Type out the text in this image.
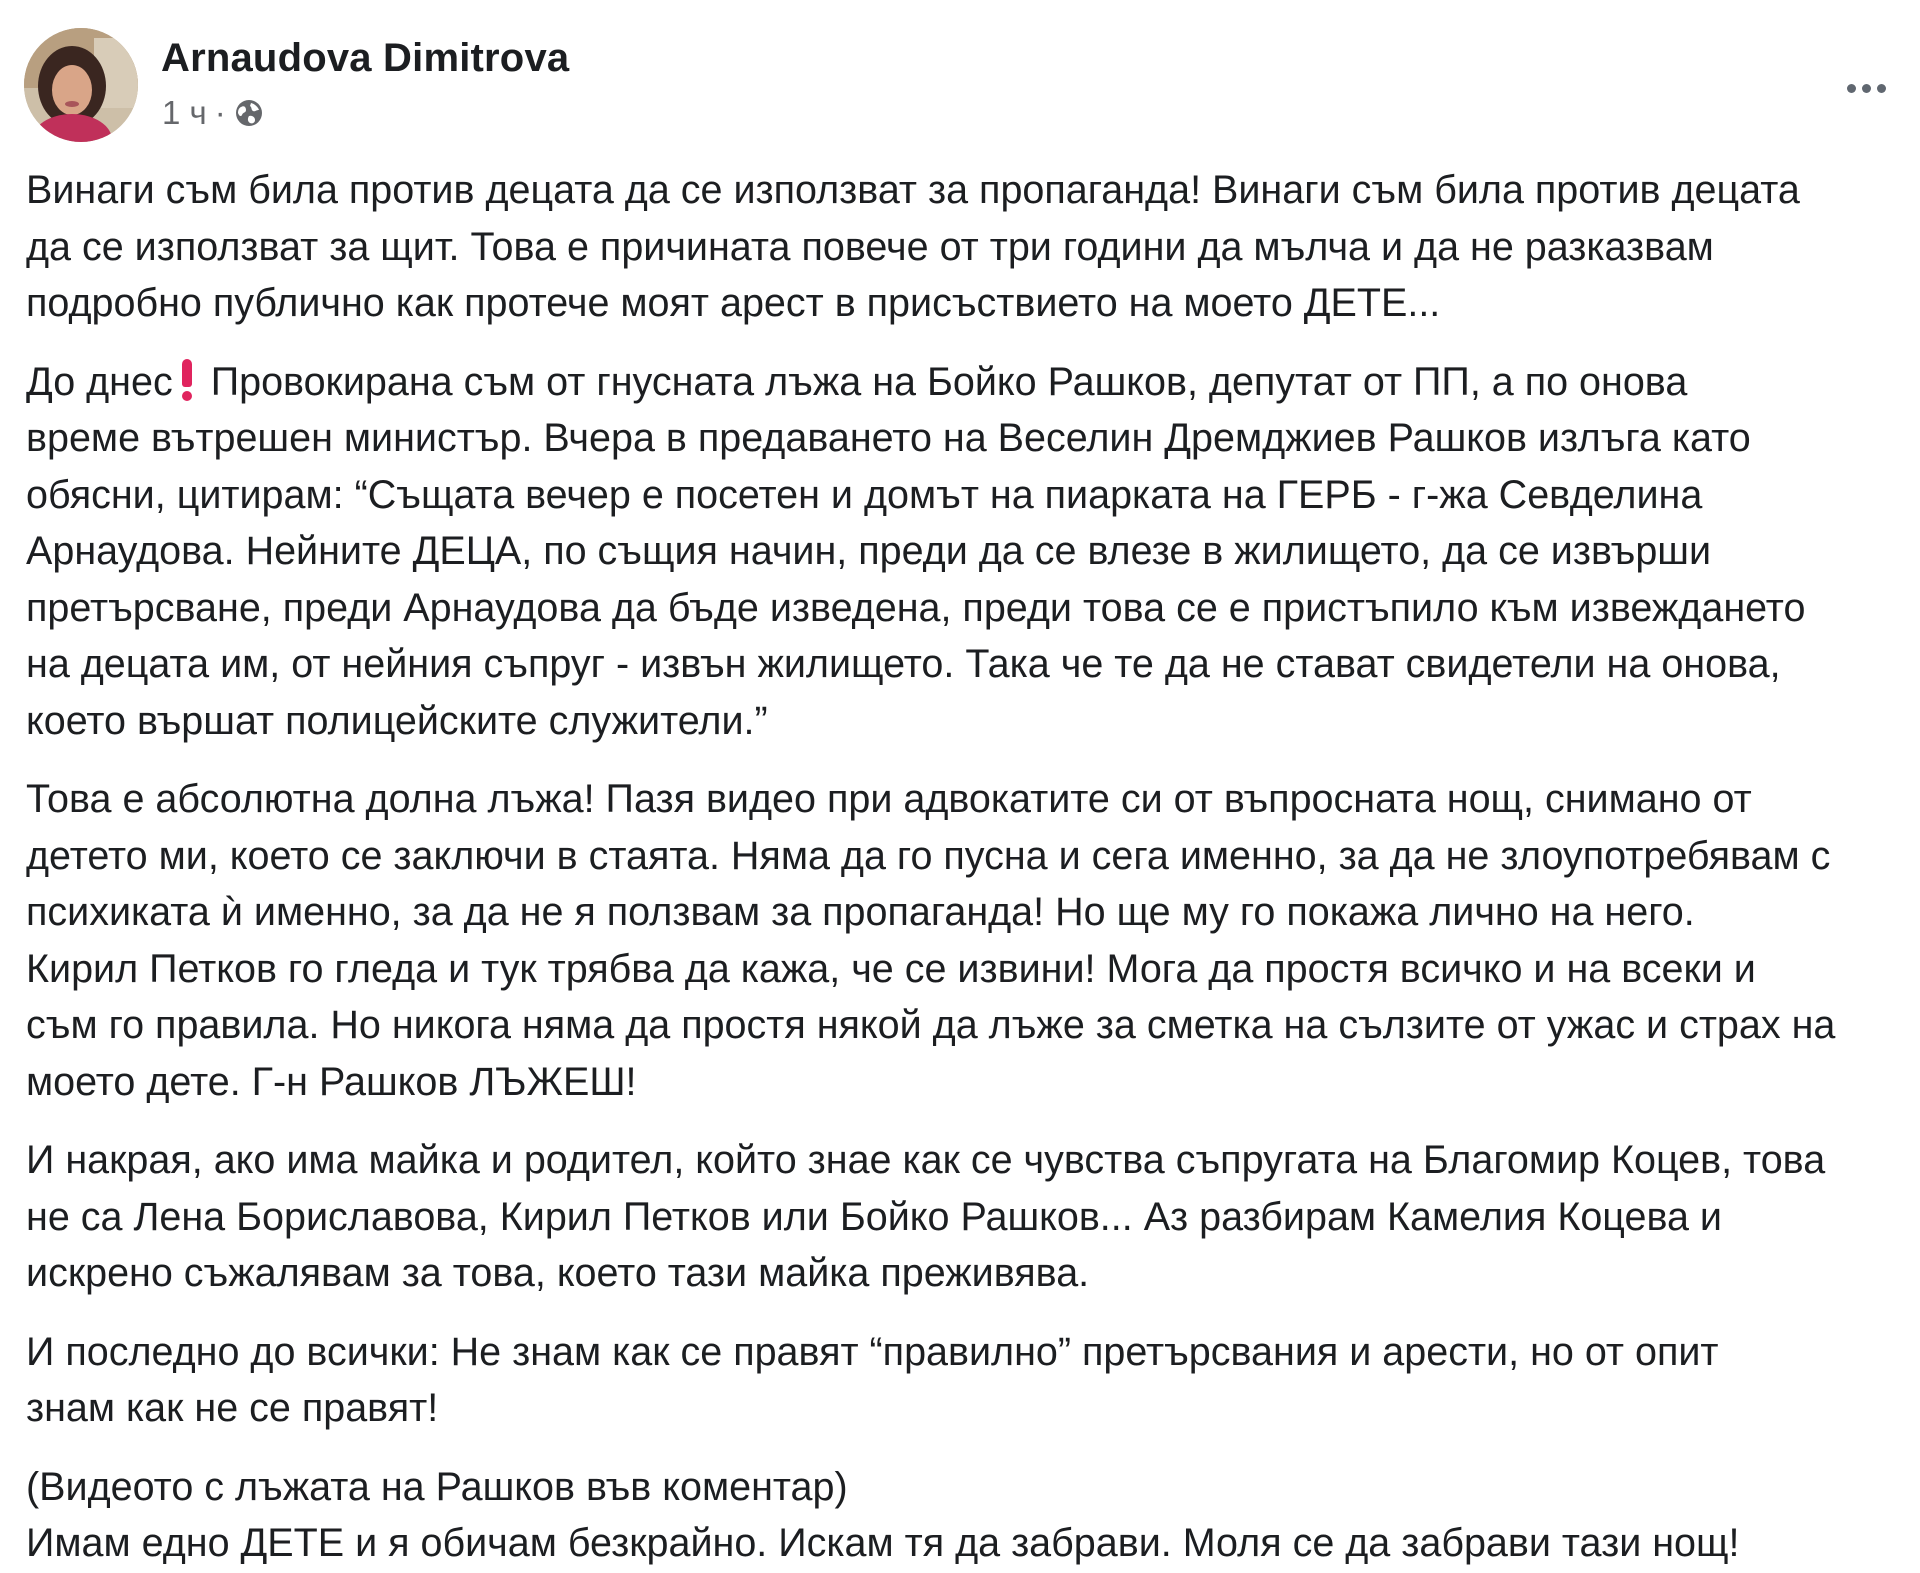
Arnaudova Dimitrova
1 ч ·

Винаги съм била против децата да се използват за пропаганда! Винаги съм била против децата
да се използват за щит. Това е причината повече от три години да мълча и да не разказвам
подробно публично как протече моят арест в присъствието на моето ДЕТЕ...

До днес Провокирана съм от гнусната лъжа на Бойко Рашков, депутат от ПП, а по онова
време вътрешен министър. Вчера в предаването на Веселин Дремджиев Рашков излъга като
обясни, цитирам: “Същата вечер е посетен и домът на пиарката на ГЕРБ - г-жа Севделина
Арнаудова. Нейните ДЕЦА, по същия начин, преди да се влезе в жилището, да се извърши
претърсване, преди Арнаудова да бъде изведена, преди това се е пристъпило към извеждането
на децата им, от нейния съпруг - извън жилището. Така че те да не стават свидетели на онова,
което вършат полицейските служители.”

Това е абсолютна долна лъжа! Пазя видео при адвокатите си от въпросната нощ, снимано от
детето ми, което се заключи в стаята. Няма да го пусна и сега именно, за да не злоупотребявам с
психиката ѝ именно, за да не я ползвам за пропаганда! Но ще му го покажа лично на него.
Кирил Петков го гледа и тук трябва да кажа, че се извини! Мога да простя всичко и на всеки и
съм го правила. Но никога няма да простя някой да лъже за сметка на сълзите от ужас и страх на
моето дете. Г-н Рашков ЛЪЖЕШ!

И накрая, ако има майка и родител, който знае как се чувства съпругата на Благомир Коцев, това
не са Лена Бориславова, Кирил Петков или Бойко Рашков... Аз разбирам Камелия Коцева и
искрено съжалявам за това, което тази майка преживява.

И последно до всички: Не знам как се правят “правилно” претърсвания и арести, но от опит
знам как не се правят!

(Видеото с лъжата на Рашков във коментар)

Имам едно ДЕТЕ и я обичам безкрайно. Искам тя да забрави. Моля се да забрави тази нощ!
